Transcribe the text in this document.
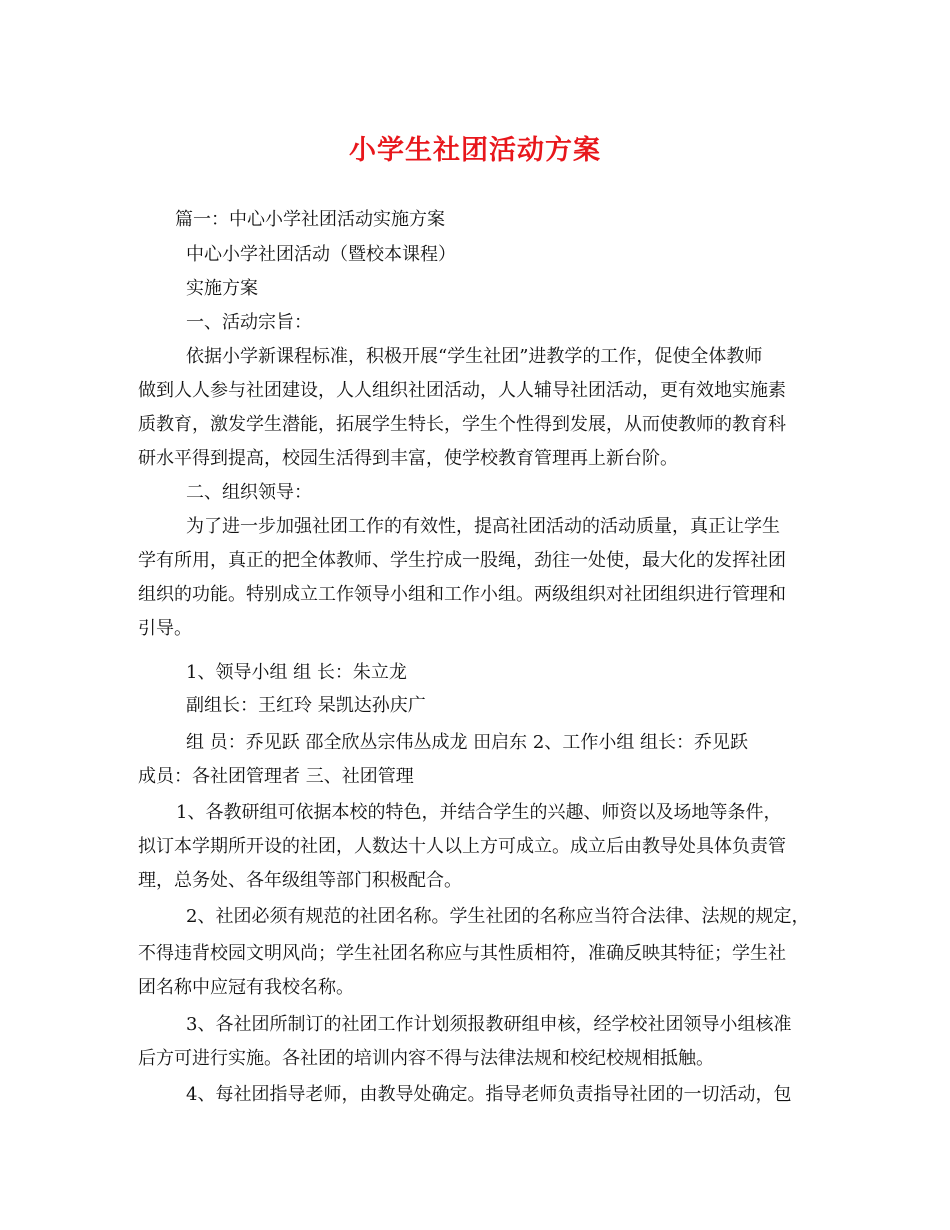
小学生社团活动方案
篇一：中心小学社团活动实施方案
中心小学社团活动（暨校本课程）
实施方案
一、活动宗旨：
依据小学新课程标准，积极开展“学生社团”进教学的工作，促使全体教师
做到人人参与社团建设，人人组织社团活动，人人辅导社团活动，更有效地实施素
质教育，激发学生潜能，拓展学生特长，学生个性得到发展，从而使教师的教育科
研水平得到提高，校园生活得到丰富，使学校教育管理再上新台阶。
二、组织领导：
为了进一步加强社团工作的有效性，提高社团活动的活动质量，真正让学生
学有所用，真正的把全体教师、学生拧成一股绳，劲往一处使，最大化的发挥社团
组织的功能。特别成立工作领导小组和工作小组。两级组织对社团组织进行管理和
引导。
1、领导小组 组 长：朱立龙
副组长：王红玲 杲凯达孙庆广
组 员：乔见跃 邵全欣丛宗伟丛成龙 田启东 2、工作小组 组长：乔见跃
成员：各社团管理者 三、社团管理
1、各教研组可依据本校的特色，并结合学生的兴趣、师资以及场地等条件，
拟订本学期所开设的社团，人数达十人以上方可成立。成立后由教导处具体负责管
理，总务处、各年级组等部门积极配合。
2、社团必须有规范的社团名称。学生社团的名称应当符合法律、法规的规定，
不得违背校园文明风尚；学生社团名称应与其性质相符，准确反映其特征；学生社
团名称中应冠有我校名称。
3、各社团所制订的社团工作计划须报教研组申核，经学校社团领导小组核准
后方可进行实施。各社团的培训内容不得与法律法规和校纪校规相抵触。
4、每社团指导老师，由教导处确定。指导老师负责指导社团的一切活动，包
